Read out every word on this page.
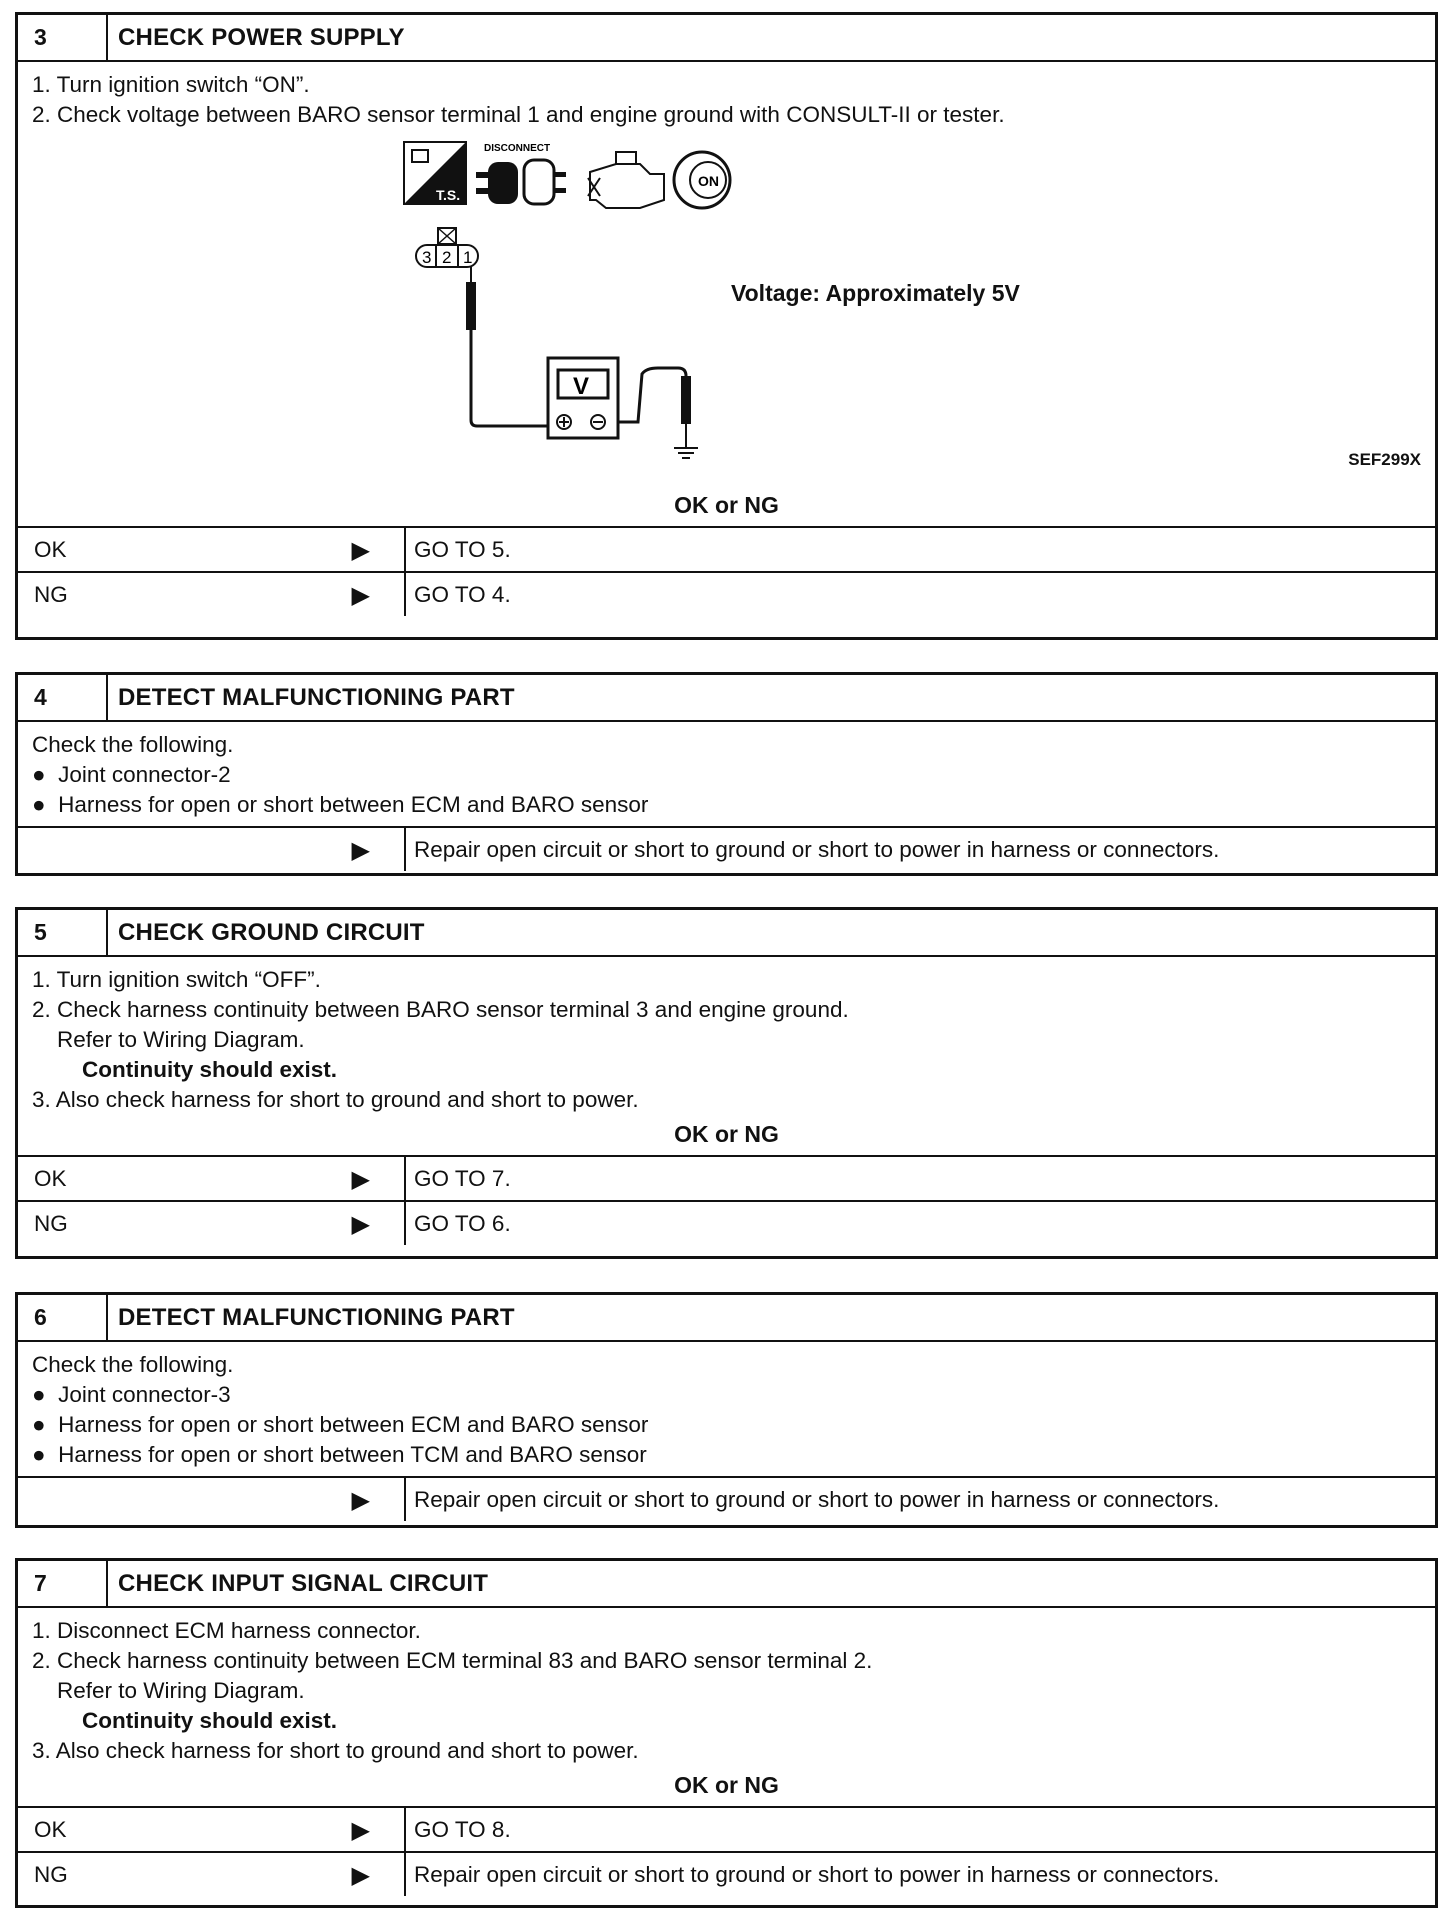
3	CHECK POWER SUPPLY
1. Turn ignition switch “ON”.
2. Check voltage between BARO sensor terminal 1 and engine ground with CONSULT-II or tester.
T.S.
DISCONNECT
ON
3 2 1
V
Voltage: Approximately 5V
SEF299X
OK or NG
OK	▶	GO TO 5.
NG	▶	GO TO 4.
4	DETECT MALFUNCTIONING PART
Check the following.
●  Joint connector-2
●  Harness for open or short between ECM and BARO sensor
▶	Repair open circuit or short to ground or short to power in harness or connectors.
5	CHECK GROUND CIRCUIT
1. Turn ignition switch “OFF”.
2. Check harness continuity between BARO sensor terminal 3 and engine ground.
Refer to Wiring Diagram.
Continuity should exist.
3. Also check harness for short to ground and short to power.
OK or NG
OK	▶	GO TO 7.
NG	▶	GO TO 6.
6	DETECT MALFUNCTIONING PART
Check the following.
●  Joint connector-3
●  Harness for open or short between ECM and BARO sensor
●  Harness for open or short between TCM and BARO sensor
▶	Repair open circuit or short to ground or short to power in harness or connectors.
7	CHECK INPUT SIGNAL CIRCUIT
1. Disconnect ECM harness connector.
2. Check harness continuity between ECM terminal 83 and BARO sensor terminal 2.
Refer to Wiring Diagram.
Continuity should exist.
3. Also check harness for short to ground and short to power.
OK or NG
OK	▶	GO TO 8.
NG	▶	Repair open circuit or short to ground or short to power in harness or connectors.
